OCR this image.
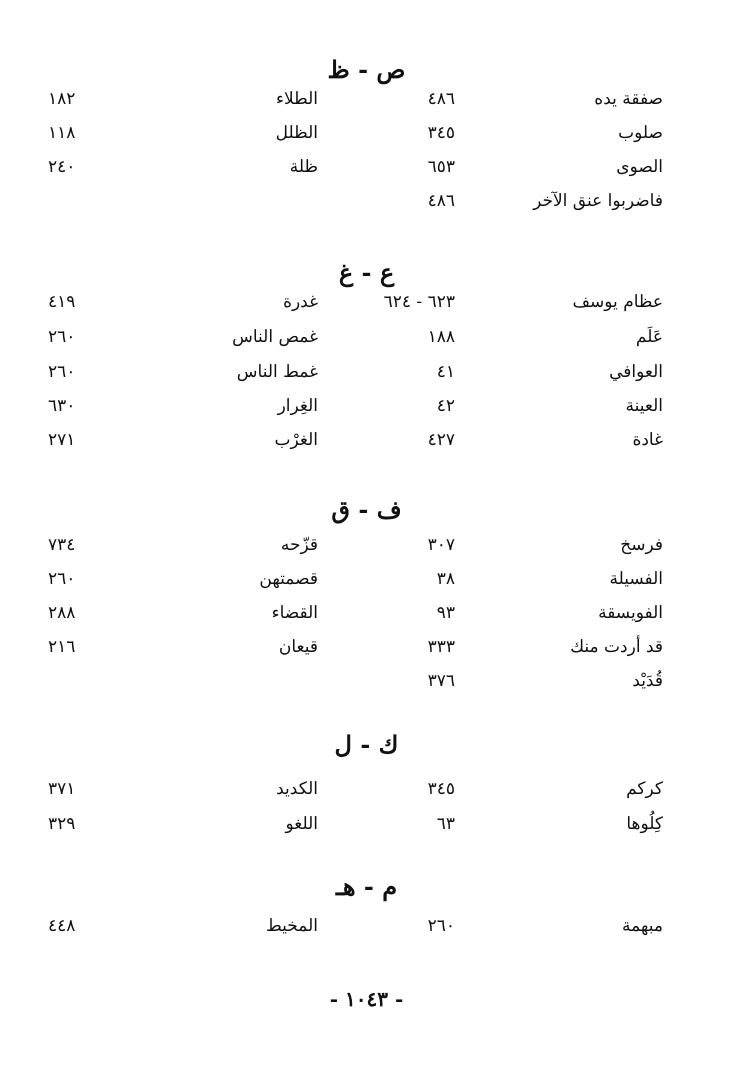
ص - ظ
صفقة يده
٤٨٦
الطلاء
١٨٢
صلوب
٣٤٥
الظلل
١١٨
الصوى
٦٥٣
ظلة
٢٤٠
فاضربوا عنق الآخر
٤٨٦
ع - غ
عظام يوسف
٦٢٣ - ٦٢٤
غدرة
٤١٩
عَلَم
١٨٨
غمص الناس
٢٦٠
العوافي
٤١
غمط الناس
٢٦٠
العينة
٤٢
الغِرار
٦٣٠
غادة
٤٢٧
الغرْب
٢٧١
ف - ق
فرسخ
٣٠٧
قزّحه
٧٣٤
الفسيلة
٣٨
قصمتهن
٢٦٠
الفويسقة
٩٣
القضاء
٢٨٨
قد أردت منك
٣٣٣
قيعان
٢١٦
قُدَيْد
٣٧٦
ك - ل
كركم
٣٤٥
الكديد
٣٧١
كِلُوها
٦٣
اللغو
٣٢٩
م - هـ
مبهمة
٢٦٠
المخيط
٤٤٨
- ١٠٤٣ -
